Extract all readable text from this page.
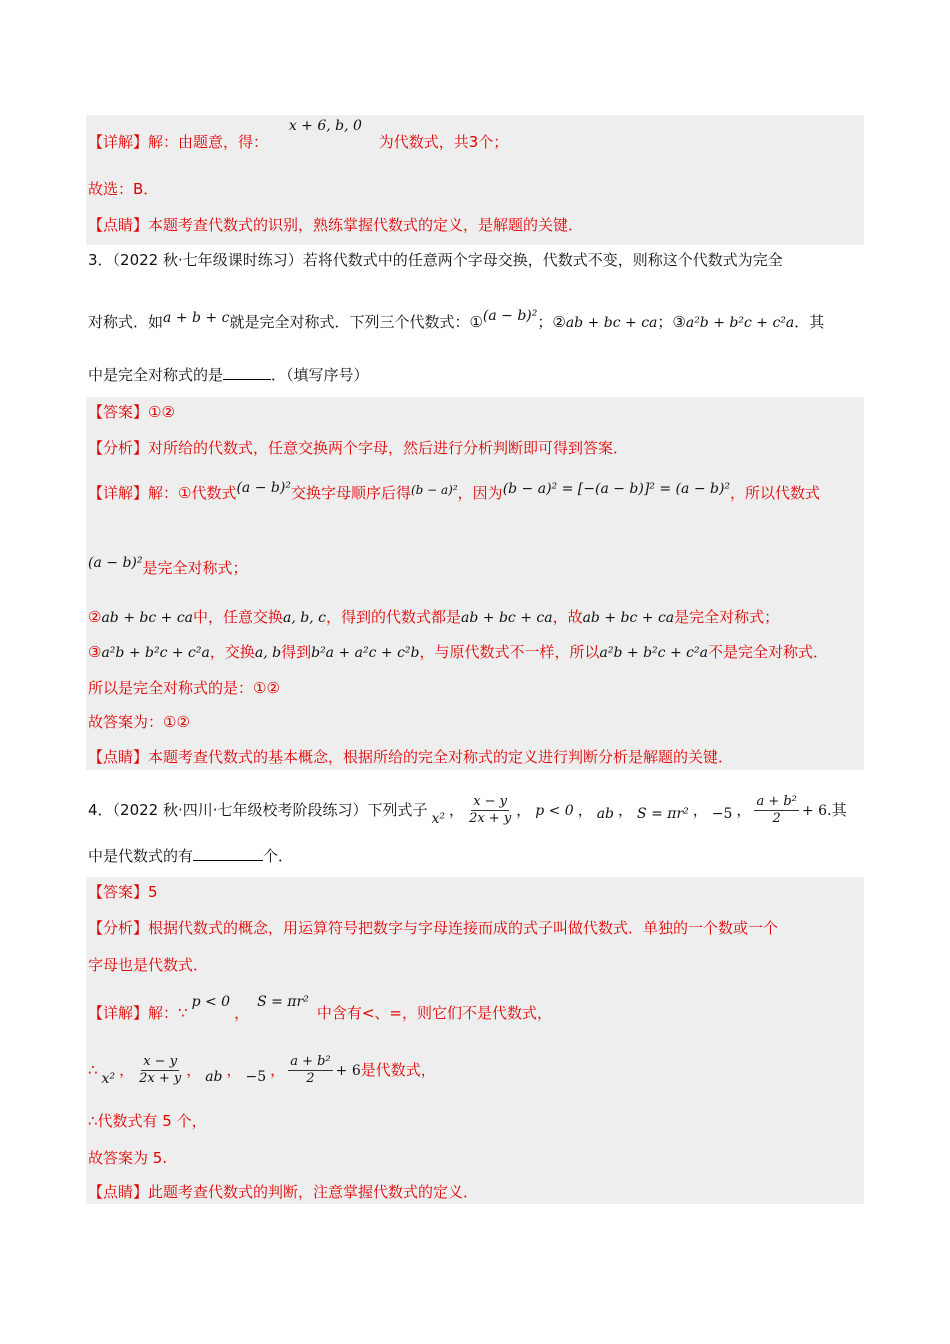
【详解】解：由题意，得： x + 6, b, 0 为代数式，共3个；
故选：B．
【点睛】本题考查代数式的识别，熟练掌握代数式的定义，是解题的关键．
3．（2022 秋·七年级课时练习）若将代数式中的任意两个字母交换，代数式不变，则称这个代数式为完全
对称式．如a + b + c就是完全对称式．下列三个代数式：①(a − b)²；②ab + bc + ca；③a²b + b²c + c²a．其
中是完全对称式的是	．（填写序号）
【答案】①②
【分析】对所给的代数式，任意交换两个字母，然后进行分析判断即可得到答案．
【详解】解：①代数式(a − b)²交换字母顺序后得$^{(b - a)^2}$，因为(b − a)² = [−(a − b)]² = (a − b)²，所以代数式
(a − b)²是完全对称式；
②ab + bc + ca中，任意交换a, b, c，得到的代数式都是ab + bc + ca，故ab + bc + ca是完全对称式；
③a²b + b²c + c²a，交换a, b得到b²a + a²c + c²b，与原代数式不一样，所以a²b + b²c + c²a不是完全对称式．
所以是完全对称式的是：①②
故答案为：①②
【点睛】本题考查代数式的基本概念，根据所给的完全对称式的定义进行判断分析是解题的关键．
4．（2022 秋·四川·七年级校考阶段练习）下列式子 x² ， $\frac{x - y}{2x + y}$ ， p < 0 ， ab ， S = πr² ， −5 ， $\frac{\text{a + b²}}{2} + 6$.其
中是代数式的有	个．
【答案】5
【分析】根据代数式的概念，用运算符号把数字与字母连接而成的式子叫做代数式．单独的一个数或一个
字母也是代数式．
【详解】解：∵p < 0，S = πr²中含有<、=，则它们不是代数式，
∴ x² ， $\frac{x - y}{2x + y}$ ， ab ， −5 ， $\frac{\text{a + b²}}{2} + 6$是代数式，
∴代数式有 5 个，
故答案为 5.
【点睛】此题考查代数式的判断，注意掌握代数式的定义．
